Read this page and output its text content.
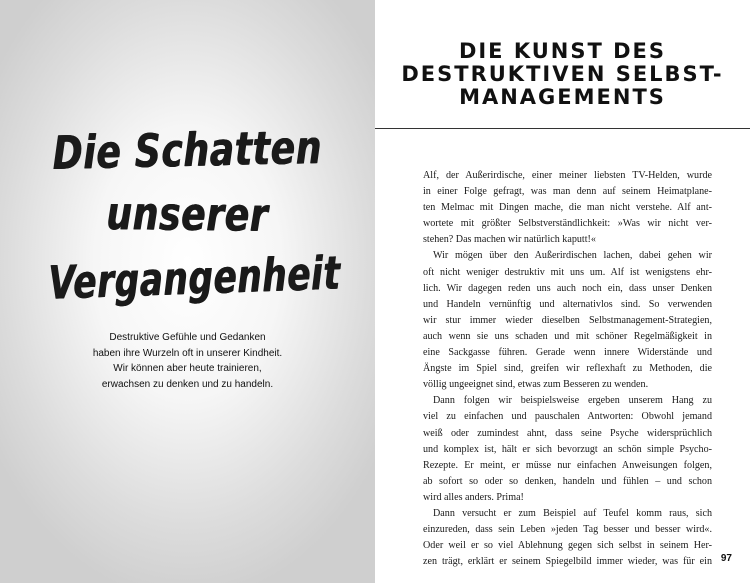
Die Schatten
unserer
Vergangenheit
Destruktive Gefühle und Gedanken
haben ihre Wurzeln oft in unserer Kindheit.
Wir können aber heute trainieren,
erwachsen zu denken und zu handeln.
DIE KUNST DES
DESTRUKTIVEN SELBST-
MANAGEMENTS
Alf, der Außerirdische, einer meiner liebsten TV-Helden, wurde
in einer Folge gefragt, was man denn auf seinem Heimatplane-
ten Melmac mit Dingen mache, die man nicht verstehe. Alf ant-
wortete mit größter Selbstverständlichkeit: »Was wir nicht ver-
stehen? Das machen wir natürlich kaputt!«
Wir mögen über den Außerirdischen lachen, dabei gehen wir
oft nicht weniger destruktiv mit uns um. Alf ist wenigstens ehr-
lich. Wir dagegen reden uns auch noch ein, dass unser Denken
und Handeln vernünftig und alternativlos sind. So verwenden
wir stur immer wieder dieselben Selbstmanagement-Strategien,
auch wenn sie uns schaden und mit schöner Regelmäßigkeit in
eine Sackgasse führen. Gerade wenn innere Widerstände und
Ängste im Spiel sind, greifen wir reflexhaft zu Methoden, die
völlig ungeeignet sind, etwas zum Besseren zu wenden.
Dann folgen wir beispielsweise ergeben unserem Hang zu
viel zu einfachen und pauschalen Antworten: Obwohl jemand
weiß oder zumindest ahnt, dass seine Psyche widersprüchlich
und komplex ist, hält er sich bevorzugt an schön simple Psycho-
Rezepte. Er meint, er müsse nur einfachen Anweisungen folgen,
ab sofort so oder so denken, handeln und fühlen – und schon
wird alles anders. Prima!
Dann versucht er zum Beispiel auf Teufel komm raus, sich
einzureden, dass sein Leben »jeden Tag besser und besser wird«.
Oder weil er so viel Ablehnung gegen sich selbst in seinem Her-
zen trägt, erklärt er seinem Spiegelbild immer wieder, was für ein 97
